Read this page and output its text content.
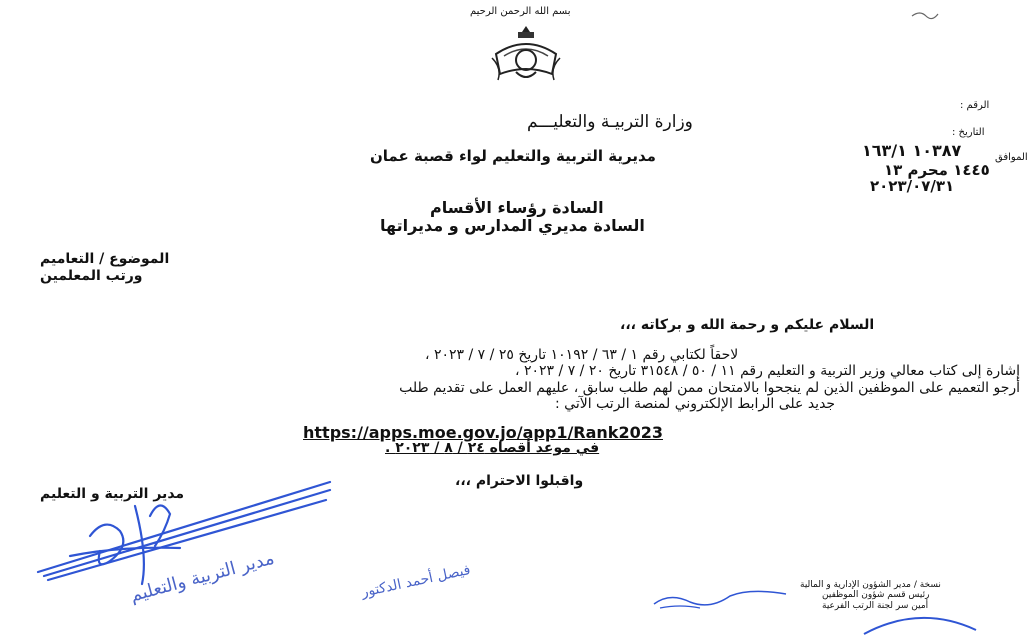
بسم الله الرحمن الرحيم
الرقم :
التاريخ :
الموافق
١٠٣٨٧ ١٦٣/١
١٤٤٥ محرم ١٣
٢٠٢٣/٠٧/٣١
وزارة التربيـة والتعليـــم
مديرية التربية والتعليم لواء قصبة عمان
السادة رؤساء الأقسام
السادة مديري المدارس و مديراتها
الموضوع / التعاميم
ورتب المعلمين
السلام عليكم و رحمة الله و بركاته ،،،
لاحقاً لكتابي رقم ١ / ٦٣ / ١٠١٩٢ تاريخ ٢٥ / ٧ / ٢٠٢٣ ،
إشارة إلى كتاب معالي وزير التربية و التعليم رقم ١١ / ٥٠ / ٣١٥٤٨ تاريخ ٢٠ / ٧ / ٢٠٢٣ ،
أرجو التعميم على الموظفين الذين لم ينجحوا بالامتحان ممن لهم طلب سابق ، عليهم العمل على تقديم طلب
جديد على الرابط الإلكتروني لمنصة الرتب الآتي :
https://apps.moe.gov.jo/app1/Rank2023
في موعد أقصاه ٢٤ / ٨ / ٢٠٢٣ .
واقبلوا الاحترام ،،،
مدير التربية و التعليم
مدير التربية والتعليم	فيصل أحمد الدكتور	نسخة / مدير الشؤون الإدارية و المالية
رئيس قسم شؤون الموظفين
أمين سر لجنة الرتب الفرعية
